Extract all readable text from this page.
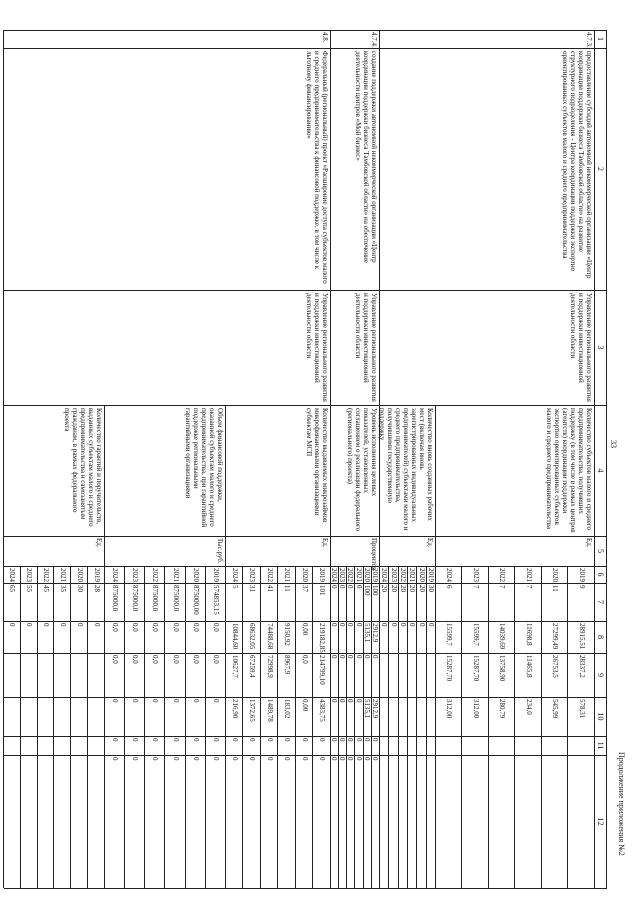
33
Продолжение приложения №2
1
2
3
4
5
6
7
8
9
10
11
12
4.7.3.
предоставление субсидий автономной некоммерческой организации «Центр координации поддержки бизнеса Тамбовской области» на развитие структурного подразделения - Центра координации поддержки экспортно ориентированных субъектов малого и среднего предпринимательства
Управление регионального развития и поддержки инвестиционной деятельности области
Количество субъектов малого и среднего предпринимательства, получивших поддержку (в том числе в рамках центров (агентств) координации поддержки экспортно ориентированных субъектов малого и среднего предпринимательства
Ед.
2019
9
28915,51
28337,2
578,31
2020
11
27299,49
26753,5
545,99
2021
7
11698,8
11465,8
234,0
2022
7
14039,69
13758,90
280,79
2023
7
15599,7
15287,70
312,00
2024
6
15599,7
15287,70
312,00
Количество вновь созданных рабочих мест (включая вновь зарегистрированных индивидуальных предпринимателей) субъектами малого и среднего предпринимательства, получившими государственную поддержку
Ед.
2019
30
0
2020
20
0
2021
20
0
2022
20
0
2023
20
0
2024
20
0
4.7.4.
создание поддержки автономной некоммерческой организации «Центр координации поддержки бизнеса Тамбовской области» на обеспечение деятельности центров «Мой бизнес»
Управление регионального развития и поддержки инвестиционной деятельности области
Уровень исполнения целевых показателей, установленных соглашением о реализации федерального (регионального) проекта)
Процентов
2019
100
2912,9
0
2912,9
0
0
2020
100
5135,1
0
5135,1
0
0
2021
0
0
0
0
0
0
2022
0
0
0
0
0
0
2023
0
0
0
0
0
0
2024
0
0
0
0
0
0
4.8.
Федеральный (региональный) проект «Расширение доступа субъектов малого и среднего предпринимательства к финансовой поддержке, в том числе к льготному финансированию»
Управление регионального развития и поддержки инвестиционной деятельности области
Количество выдаваемых микрозаймов микрофинансовыми организациями субъектам МСП
Ед.
2019
101
219182,85
214799,10
4383,75
0
0
2020
37
0,00
0,0
0,00
0
0
2021
11
9150,92
8967,9
183,02
0
0
2022
41
74488,68
72998,9
1489,78
0
0
2023
31
68632,05
67259,4
1372,65
0
0
2024
5
10844,60
10627,7
216,90
0
0
Объем финансовой поддержки, оказанной субъектам малого и среднего предпринимательства, при гарантийной поддержке региональными гарантийными организациями
Тыс.руб.
2019
574853,15
0,0
0,0
0
0
0
2020
875000,00
0,0
0,0
0
0
0
2021
875000,0
0,0
0,0
0
0
0
2022
875000,0
0,0
0,0
0
0
0
2023
875000,0
0,0
0,0
0
0
0
2024
875000,0
0,0
0,0
0
0
0
Количество гарантий и поручительств, выданных субъектам малого и среднего предпринимательства и самозанятым гражданам, в рамках федерального проекта
Ед.
2019
28
0
2020
30
0
2021
35
0
2022
45
0
2023
55
0
2024
65
0
